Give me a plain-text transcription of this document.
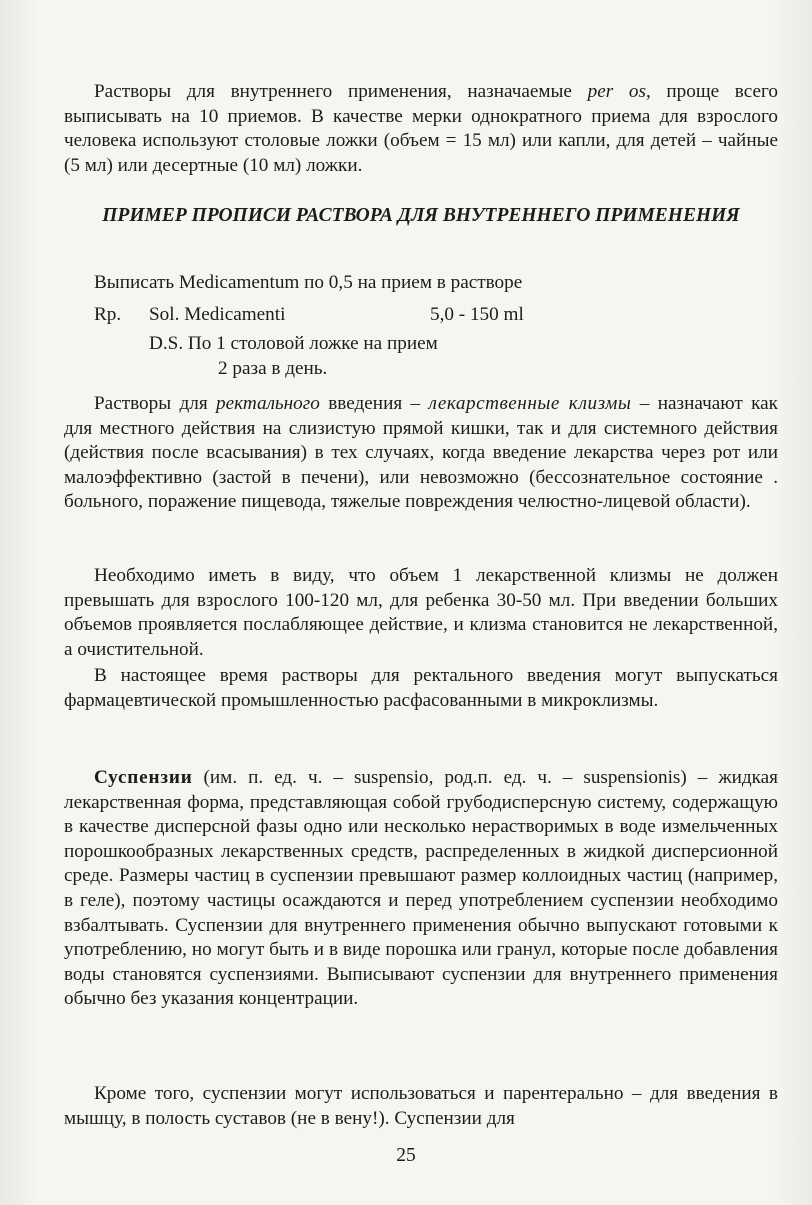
Растворы для внутреннего применения, назначаемые per os, проще всего выписывать на 10 приемов. В качестве мерки однократного приема для взрослого человека используют столовые ложки (объем = 15 мл) или капли, для детей – чайные (5 мл) или десертные (10 мл) ложки.

ПРИМЕР ПРОПИСИ РАСТВОРА ДЛЯ ВНУТРЕННЕГО ПРИМЕНЕНИЯ
Выписать Medicamentum по 0,5 на прием в растворе
Rp. Sol. Medicamenti	5,0 - 150 ml
D.S. По 1 столовой ложке на прием
2 раза в день.

Растворы для ректального введения – лекарственные клизмы – назначают как для местного действия на слизистую прямой кишки, так и для системного действия (действия после всасывания) в тех случаях, когда введение лекарства через рот или малоэффективно (застой в печени), или невозможно (бессознательное состояние . больного, поражение пищевода, тяжелые повреждения челюстно-лицевой области).

Необходимо иметь в виду, что объем 1 лекарственной клизмы не должен превышать для взрослого 100-120 мл, для ребенка 30-50 мл. При введении больших объемов проявляется послабляющее действие, и клизма становится не лекарственной, а очистительной.

В настоящее время растворы для ректального введения могут выпускаться фармацевтической промышленностью расфасованными в микроклизмы.

Суспензии (им. п. ед. ч. – suspensio, род.п. ед. ч. – suspensionis) – жидкая лекарственная форма, представляющая собой грубодисперсную систему, содержащую в качестве дисперсной фазы одно или несколько нерастворимых в воде измельченных порошкообразных лекарственных средств, распределенных в жидкой дисперсионной среде. Размеры частиц в суспензии превышают размер коллоидных частиц (например, в геле), поэтому частицы осаждаются и перед употреблением суспензии необходимо взбалтывать. Суспензии для внутреннего применения обычно выпускают готовыми к употреблению, но могут быть и в виде порошка или гранул, которые после добавления воды становятся суспензиями. Выписывают суспензии для внутреннего применения обычно без указания концентрации.

Кроме того, суспензии могут использоваться и парентерально – для введения в мышцу, в полость суставов (не в вену!). Суспензии для

25
